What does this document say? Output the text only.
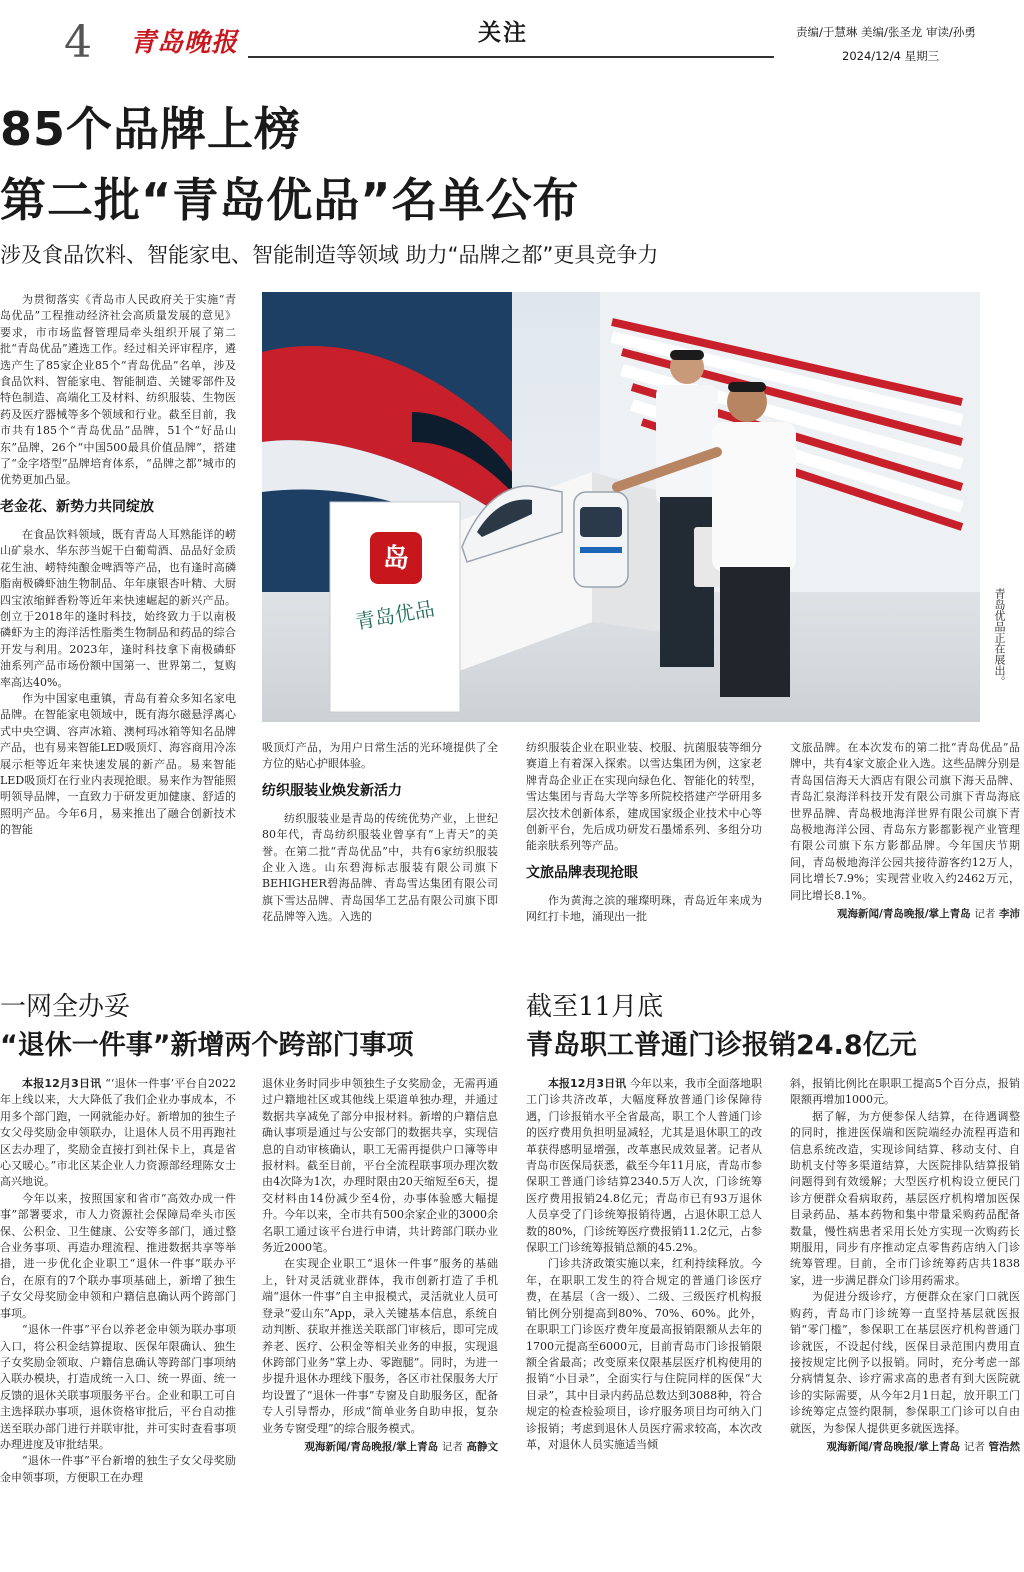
4 青岛晚报	关注	责编/于慧琳 美编/张圣龙 审读/孙勇
2024/12/4 星期三
85个品牌上榜
第二批“青岛优品”名单公布
涉及食品饮料、智能家电、智能制造等领域 助力“品牌之都”更具竞争力
岛
青岛优品	青岛优品正在展出。

为贯彻落实《青岛市人民政府关于实施“青岛优品”工程推动经济社会高质量发展的意见》要求，市市场监督管理局牵头组织开展了第二批“青岛优品”遴选工作。经过相关评审程序，遴选产生了85家企业85个“青岛优品”名单，涉及食品饮料、智能家电、智能制造、关键零部件及特色制造、高端化工及材料、纺织服装、生物医药及医疗器械等多个领域和行业。截至目前，我市共有185个“青岛优品”品牌，51个“好品山东”品牌，26个“中国500最具价值品牌”，搭建了“金字塔型”品牌培育体系，“品牌之都”城市的优势更加凸显。

老金花、新势力共同绽放

在食品饮料领域，既有青岛人耳熟能详的崂山矿泉水、华东莎当妮干白葡萄酒、品品好金质花生油、崂特纯酿金啤酒等产品，也有逢时高磷脂南极磷虾油生物制品、年年康银杏叶精、大厨四宝浓缩鲜香粉等近年来快速崛起的新兴产品。创立于2018年的逢时科技，始终致力于以南极磷虾为主的海洋活性脂类生物制品和药品的综合开发与利用。2023年，逢时科技拿下南极磷虾油系列产品市场份额中国第一、世界第二，复购率高达40%。

作为中国家电重镇，青岛有着众多知名家电品牌。在智能家电领域中，既有海尔磁悬浮离心式中央空调、容声冰箱、澳柯玛冰箱等知名品牌产品，也有易来智能LED吸顶灯、海容商用冷冻展示柜等近年来快速发展的新产品。易来智能LED吸顶灯在行业内表现抢眼。易来作为智能照明领导品牌，一直致力于研发更加健康、舒适的照明产品。今年6月，易来推出了融合创新技术的智能

吸顶灯产品，为用户日常生活的光环境提供了全方位的贴心护眼体验。

纺织服装业焕发新活力

纺织服装业是青岛的传统优势产业，上世纪80年代，青岛纺织服装业曾享有“上青天”的美誉。在第二批“青岛优品”中，共有6家纺织服装企业入选。山东碧海标志服装有限公司旗下BEHIGHER碧海品牌、青岛雪达集团有限公司旗下雪达品牌、青岛国华工艺品有限公司旗下即花品牌等入选。入选的

纺织服装企业在职业装、校服、抗菌服装等细分赛道上有着深入探索。以雪达集团为例，这家老牌青岛企业正在实现向绿色化、智能化的转型，雪达集团与青岛大学等多所院校搭建产学研用多层次技术创新体系，建成国家级企业技术中心等创新平台，先后成功研发石墨烯系列、多组分功能亲肤系列等产品。

文旅品牌表现抢眼

作为黄海之滨的璀璨明珠，青岛近年来成为网红打卡地，涌现出一批

文旅品牌。在本次发布的第二批“青岛优品”品牌中，共有4家文旅企业入选。这些品牌分别是青岛国信海天大酒店有限公司旗下海天品牌、青岛汇泉海洋科技开发有限公司旗下青岛海底世界品牌、青岛极地海洋世界有限公司旗下青岛极地海洋公园、青岛东方影都影视产业管理有限公司旗下东方影都品牌。今年国庆节期间，青岛极地海洋公园共接待游客约12万人，同比增长7.9%；实现营业收入约2462万元，同比增长8.1%。

观海新闻/青岛晚报/掌上青岛 记者 李沛
一网全办妥
“退休一件事”新增两个跨部门事项

本报12月3日讯 “‘退休一件事’平台自2022年上线以来，大大降低了我们企业办事成本，不用多个部门跑，一网就能办好。新增加的独生子女父母奖励金申领联办，让退休人员不用再跑社区去办理了，奖励金直接打到社保卡上，真是省心又暖心。”市北区某企业人力资源部经理陈女士高兴地说。

今年以来，按照国家和省市“高效办成一件事”部署要求，市人力资源社会保障局牵头市医保、公积金、卫生健康、公安等多部门，通过整合业务事项、再造办理流程、推进数据共享等举措，进一步优化企业职工“退休一件事”联办平台，在原有的7个联办事项基础上，新增了独生子女父母奖励金申领和户籍信息确认两个跨部门事项。

“退休一件事”平台以养老金申领为联办事项入口，将公积金结算提取、医保年限确认、独生子女奖励金领取、户籍信息确认等跨部门事项纳入联办模块，打造成统一入口、统一界面、统一反馈的退休关联事项服务平台。企业和职工可自主选择联办事项，退休资格审批后，平台自动推送至联办部门进行并联审批，并可实时查看事项办理进度及审批结果。

“退休一件事”平台新增的独生子女父母奖励金申领事项，方便职工在办理

退休业务时同步申领独生子女奖励金，无需再通过户籍地社区或其他线上渠道单独办理，并通过数据共享减免了部分申报材料。新增的户籍信息确认事项是通过与公安部门的数据共享，实现信息的自动审核确认，职工无需再提供户口簿等申报材料。截至目前，平台全流程联事项办理次数由4次降为1次，办理时限由20天缩短至6天，提交材料由14份减少至4份，办事体验感大幅提升。今年以来，全市共有500余家企业的3000余名职工通过该平台进行申请，共计跨部门联办业务近2000笔。

在实现企业职工“退休一件事”服务的基础上，针对灵活就业群体，我市创新打造了手机端“退休一件事”自主申报模式，灵活就业人员可登录“爱山东”App，录入关键基本信息，系统自动判断、获取并推送关联部门审核后，即可完成养老、医疗、公积金等相关业务的申报，实现退休跨部门业务“掌上办、零跑腿”。同时，为进一步提升退休办理线下服务，各区市社保服务大厅均设置了“退休一件事”专窗及自助服务区，配备专人引导帮办，形成“简单业务自助申报，复杂业务专窗受理”的综合服务模式。

观海新闻/青岛晚报/掌上青岛 记者 高静文
截至11月底
青岛职工普通门诊报销24.8亿元

本报12月3日讯 今年以来，我市全面落地职工门诊共济改革，大幅度释放普通门诊保障待遇，门诊报销水平全省最高，职工个人普通门诊的医疗费用负担明显减轻，尤其是退休职工的改革获得感明显增强，改革惠民成效显著。记者从青岛市医保局获悉，截至今年11月底，青岛市参保职工普通门诊结算2340.5万人次，门诊统筹医疗费用报销24.8亿元；青岛市已有93万退休人员享受了门诊统筹报销待遇，占退休职工总人数的80%，门诊统筹医疗费报销11.2亿元，占参保职工门诊统筹报销总额的45.2%。

门诊共济政策实施以来，红利持续释放。今年，在职职工发生的符合规定的普通门诊医疗费，在基层（含一级）、二级、三级医疗机构报销比例分别提高到80%、70%、60%。此外，在职职工门诊医疗费年度最高报销限额从去年的1700元提高至6000元，目前青岛市门诊报销限额全省最高；改变原来仅限基层医疗机构使用的报销“小目录”，全面实行与住院同样的医保“大目录”，其中目录内药品总数达到3088种，符合规定的检查检验项目，诊疗服务项目均可纳入门诊报销；考虑到退休人员医疗需求较高，本次改革，对退休人员实施适当倾

斜，报销比例比在职职工提高5个百分点，报销限额再增加1000元。

据了解，为方便参保人结算，在待遇调整的同时，推进医保端和医院端经办流程再造和信息系统改造，实现诊间结算、移动支付、自助机支付等多渠道结算，大医院排队结算报销问题得到有效缓解；大型医疗机构设立便民门诊方便群众看病取药，基层医疗机构增加医保目录药品、基本药物和集中带量采购药品配备数量，慢性病患者采用长处方实现一次购药长期服用，同步有序推动定点零售药店纳入门诊统筹管理。目前，全市门诊统筹药店共1838家，进一步满足群众门诊用药需求。

为促进分级诊疗，方便群众在家门口就医购药，青岛市门诊统筹一直坚持基层就医报销“零门槛”，参保职工在基层医疗机构普通门诊就医，不设起付线，医保目录范围内费用直接按规定比例予以报销。同时，充分考虑一部分病情复杂、诊疗需求高的患者有到大医院就诊的实际需要，从今年2月1日起，放开职工门诊统筹定点签约限制，参保职工门诊可以自由就医，为参保人提供更多就医选择。

观海新闻/青岛晚报/掌上青岛 记者 管浩然
